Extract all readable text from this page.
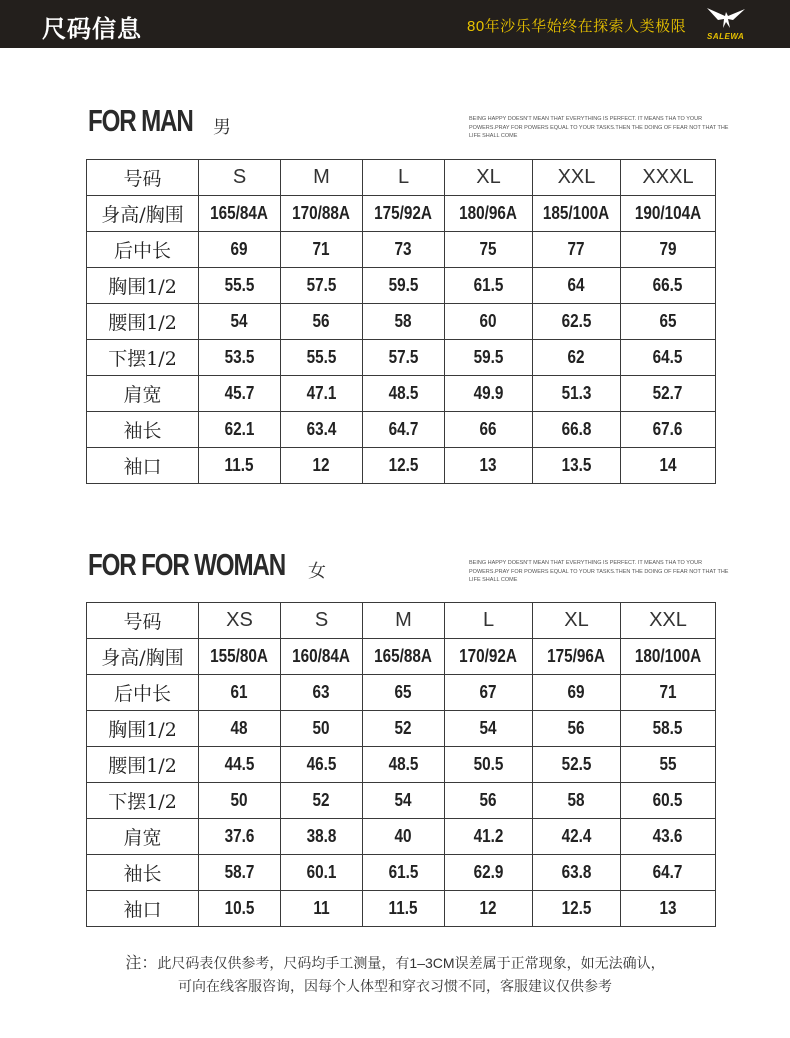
尺码信息	80年沙乐华始终在探索人类极限
SALEWA
FOR MAN 男	BEING HAPPY DOESN'T MEAN THAT EVERYTHING IS PERFECT. IT MEANS THA TO YOUR POWERS.PRAY FOR POWERS EQUAL TO YOUR TASKS.THEN THE DOING OF FEAR NOT THAT THE LIFE SHALL COME
号码	S	M	L	XL	XXL	XXXL
身高/胸围	165/84A	170/88A	175/92A	180/96A	185/100A	190/104A
后中长	69	71	73	75	77	79
胸围1/2	55.5	57.5	59.5	61.5	64	66.5
腰围1/2	54	56	58	60	62.5	65
下摆1/2	53.5	55.5	57.5	59.5	62	64.5
肩宽	45.7	47.1	48.5	49.9	51.3	52.7
袖长	62.1	63.4	64.7	66	66.8	67.6
袖口	11.5	12	12.5	13	13.5	14
FOR FOR WOMAN 女	BEING HAPPY DOESN'T MEAN THAT EVERYTHING IS PERFECT. IT MEANS THA TO YOUR POWERS.PRAY FOR POWERS EQUAL TO YOUR TASKS.THEN THE DOING OF FEAR NOT THAT THE LIFE SHALL COME
号码	XS	S	M	L	XL	XXL
身高/胸围	155/80A	160/84A	165/88A	170/92A	175/96A	180/100A
后中长	61	63	65	67	69	71
胸围1/2	48	50	52	54	56	58.5
腰围1/2	44.5	46.5	48.5	50.5	52.5	55
下摆1/2	50	52	54	56	58	60.5
肩宽	37.6	38.8	40	41.2	42.4	43.6
袖长	58.7	60.1	61.5	62.9	63.8	64.7
袖口	10.5	11	11.5	12	12.5	13
注：此尺码表仅供参考，尺码均手工测量，有1–3CM误差属于正常现象，如无法确认，
可向在线客服咨询，因每个人体型和穿衣习惯不同，客服建议仅供参考
